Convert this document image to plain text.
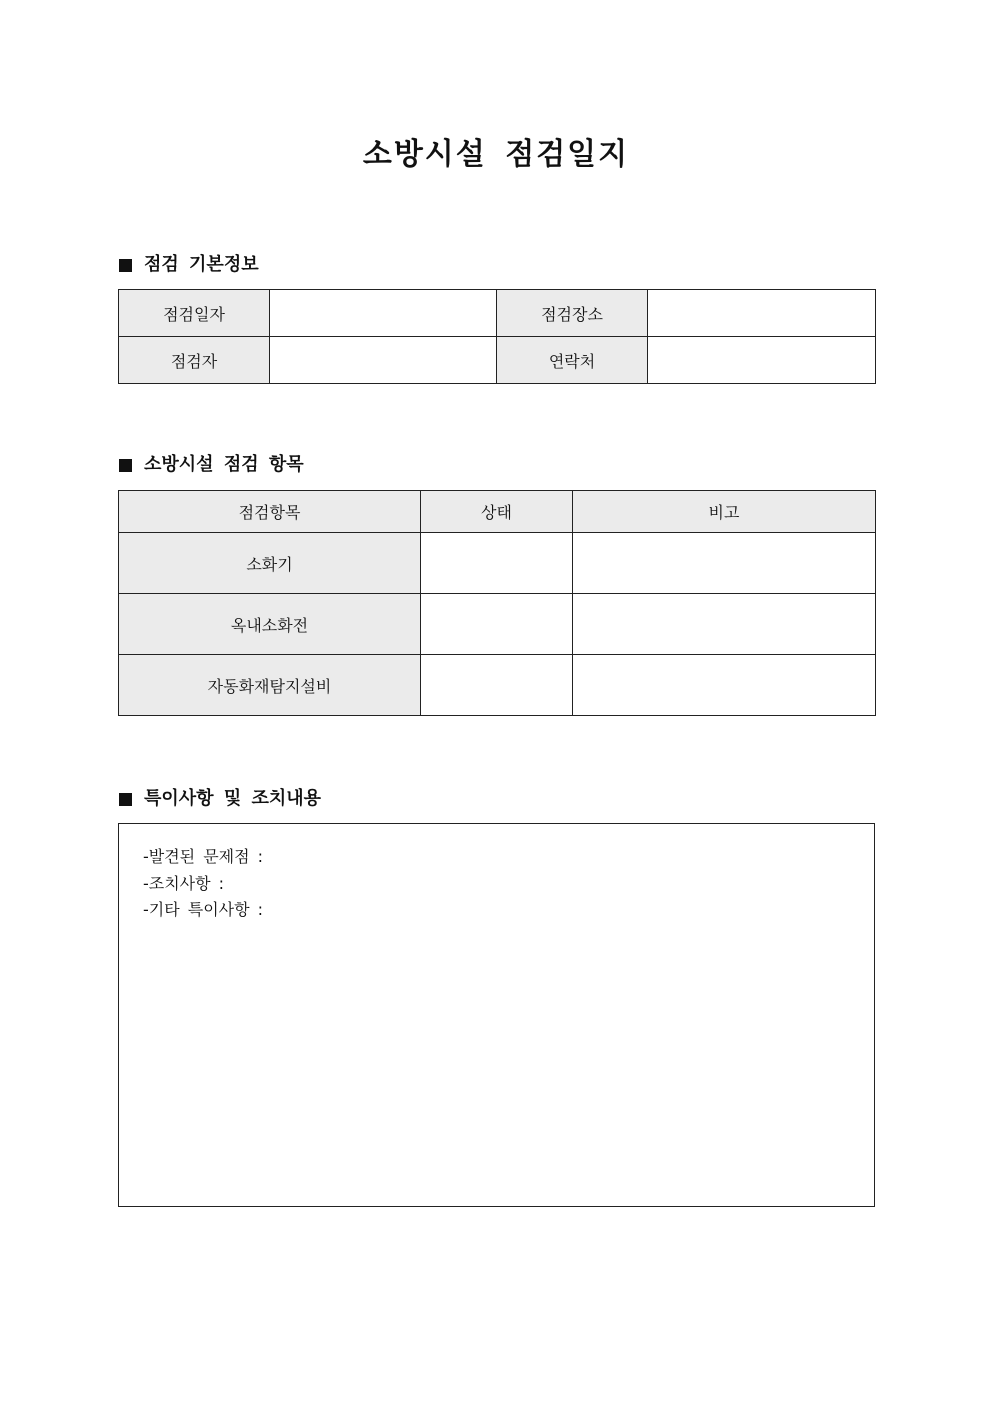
소방시설 점검일지
점검 기본정보
점검일자		점검장소	
점검자		연락처	
소방시설 점검 항목
점검항목	상태	비고
소화기		
옥내소화전		
자동화재탐지설비		
특이사항 및 조치내용
-발견된 문제점 :
-조치사항 :
-기타 특이사항 :
